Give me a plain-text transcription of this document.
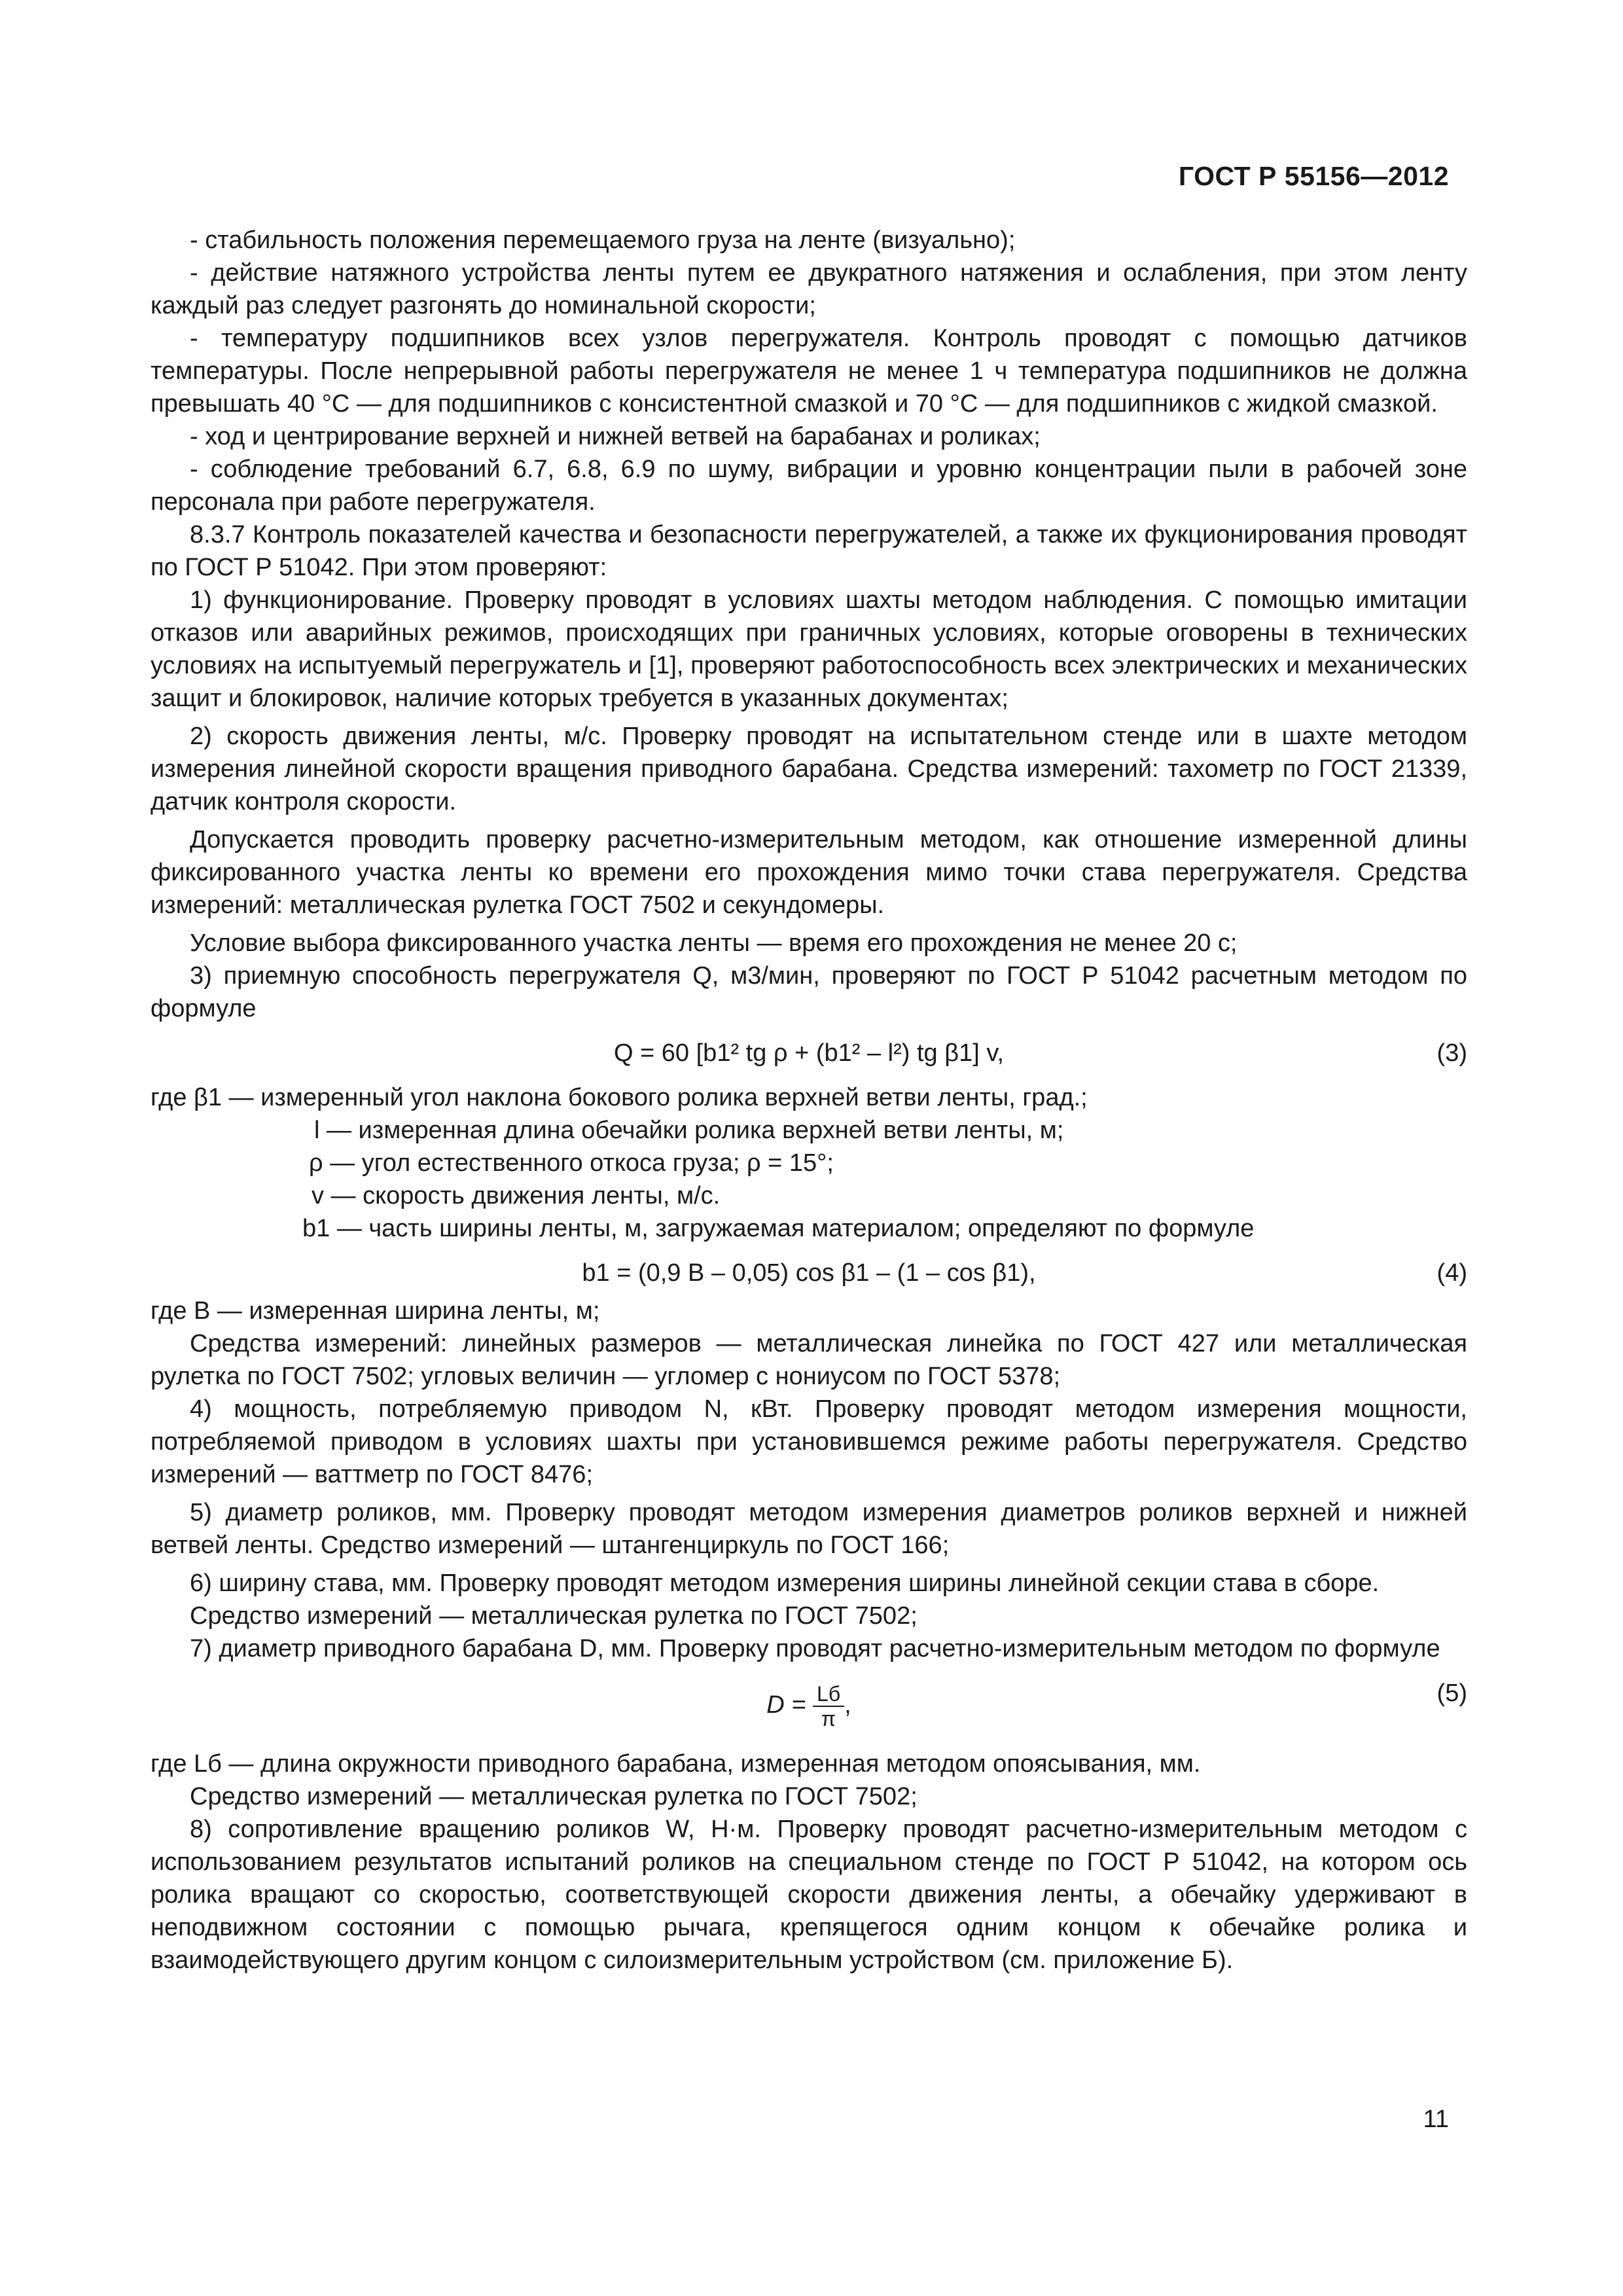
ГОСТ Р 55156—2012

- стабильность положения перемещаемого груза на ленте (визуально);

- действие натяжного устройства ленты путем ее двукратного натяжения и ослабления, при этом ленту каждый раз следует разгонять до номинальной скорости;

- температуру подшипников всех узлов перегружателя. Контроль проводят с помощью датчиков температуры. После непрерывной работы перегружателя не менее 1 ч температура подшипников не должна превышать 40 °С — для подшипников с консистентной смазкой и 70 °С — для подшипников с жидкой смазкой.

- ход и центрирование верхней и нижней ветвей на барабанах и роликах;

- соблюдение требований 6.7, 6.8, 6.9 по шуму, вибрации и уровню концентрации пыли в рабочей зоне персонала при работе перегружателя.

8.3.7 Контроль показателей качества и безопасности перегружателей, а также их фукционирования проводят по ГОСТ Р 51042. При этом проверяют:

1) функционирование. Проверку проводят в условиях шахты методом наблюдения. С помощью имитации отказов или аварийных режимов, происходящих при граничных условиях, которые оговорены в технических условиях на испытуемый перегружатель и [1], проверяют работоспособность всех электрических и механических защит и блокировок, наличие которых требуется в указанных документах;

2) скорость движения ленты, м/с. Проверку проводят на испытательном стенде или в шахте методом измерения линейной скорости вращения приводного барабана. Средства измерений: тахометр по ГОСТ 21339, датчик контроля скорости.

Допускается проводить проверку расчетно-измерительным методом, как отношение измеренной длины фиксированного участка ленты ко времени его прохождения мимо точки става перегружателя. Средства измерений: металлическая рулетка ГОСТ 7502 и секундомеры.

Условие выбора фиксированного участка ленты — время его прохождения не менее 20 с;

3) приемную способность перегружателя Q, м3/мин, проверяют по ГОСТ Р 51042 расчетным методом по формуле

Q = 60 [b1² tg ρ + (b1² – l²) tg β1] v,	(3)

где β1 — измеренный угол наклона бокового ролика верхней ветви ленты, град.;

l — измеренная длина обечайки ролика верхней ветви ленты, м;

ρ — угол естественного откоса груза; ρ = 15°;

v — скорость движения ленты, м/с.

b1 — часть ширины ленты, м, загружаемая материалом; определяют по формуле

b1 = (0,9 B – 0,05) cos β1 – (1 – cos β1),	(4)

где B — измеренная ширина ленты, м;

Средства измерений: линейных размеров — металлическая линейка по ГОСТ 427 или металлическая рулетка по ГОСТ 7502; угловых величин — угломер с нониусом по ГОСТ 5378;

4) мощность, потребляемую приводом N, кВт. Проверку проводят методом измерения мощности, потребляемой приводом в условиях шахты при установившемся режиме работы перегружателя. Средство измерений — ваттметр по ГОСТ 8476;

5) диаметр роликов, мм. Проверку проводят методом измерения диаметров роликов верхней и нижней ветвей ленты. Средство измерений — штангенциркуль по ГОСТ 166;

6) ширину става, мм. Проверку проводят методом измерения ширины линейной секции става в сборе.

Средство измерений — металлическая рулетка по ГОСТ 7502;

7) диаметр приводного барабана D, мм. Проверку проводят расчетно-измерительным методом по формуле

$D = \frac{Lб}{\pi}$ ,	(5)

где Lб — длина окружности приводного барабана, измеренная методом опоясывания, мм.

Средство измерений — металлическая рулетка по ГОСТ 7502;

8) сопротивление вращению роликов W, Н·м. Проверку проводят расчетно-измерительным методом с использованием результатов испытаний роликов на специальном стенде по ГОСТ Р 51042, на котором ось ролика вращают со скоростью, соответствующей скорости движения ленты, а обечайку удерживают в неподвижном состоянии с помощью рычага, крепящегося одним концом к обечайке ролика и взаимодействующего другим концом с силоизмерительным устройством (см. приложение Б).

11
